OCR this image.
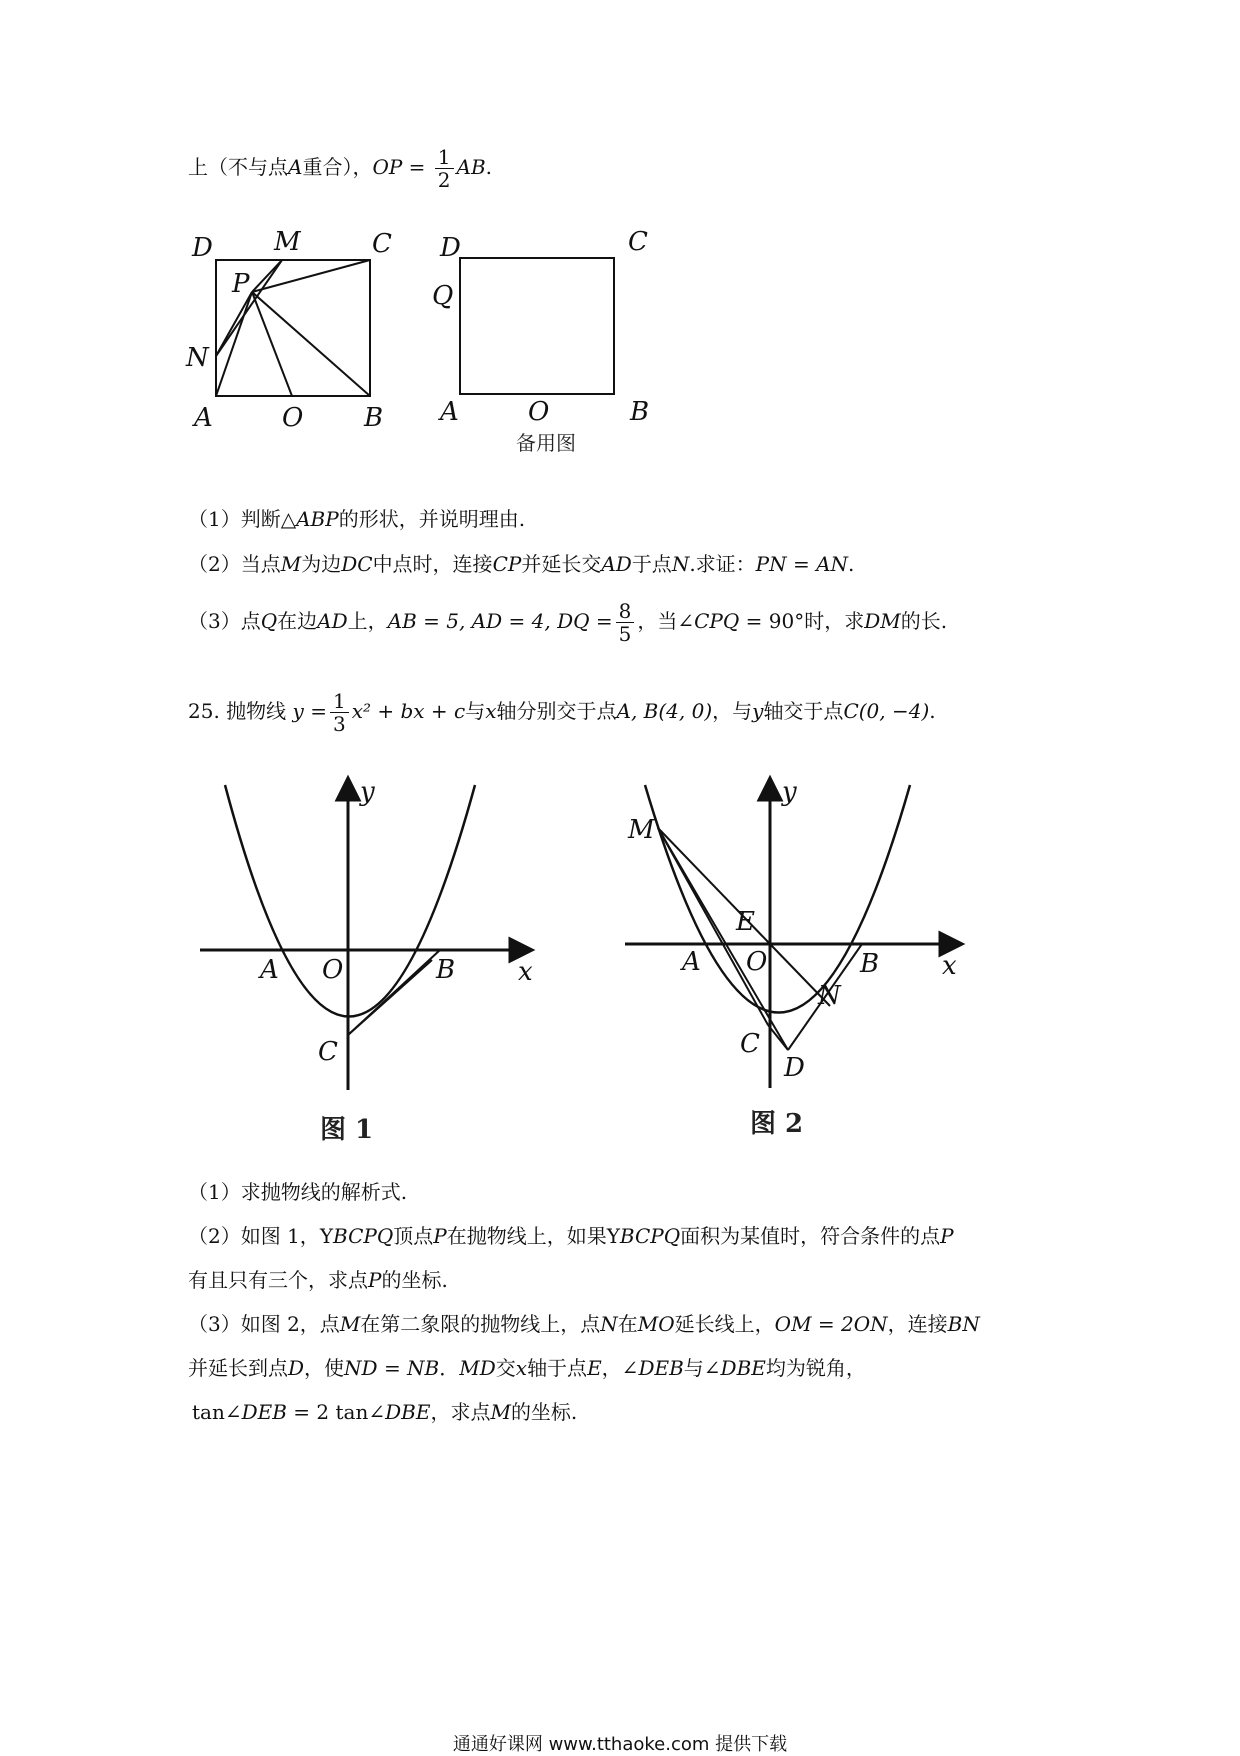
上（不与点A重合），OP = $\frac{1}{2}$ AB.
D M	C
P
N
A	O B
D	C
Q
A	O	B
备用图
（1）判断△ABP的形状，并说明理由.
（2）当点M为边DC中点时，连接CP并延长交AD于点N.求证：PN = AN.
（3）点Q在边AD上，AB = 5, AD = 4, DQ = $\frac{8}{5}$ ，当∠CPQ = 90°时，求DM的长.
25. 抛物线 $y = \frac{1}{3} x^2$ + bx + c与x轴分别交于点A, B(4, 0)，与y轴交于点C(0, −4).
y
x
A O	B
C
图 1
y
x
M
E
A O
N
B
C
D
图 2
（1）求抛物线的解析式.
（2）如图 1，YBCPQ顶点P在抛物线上，如果YBCPQ面积为某值时，符合条件的点P
有且只有三个，求点P的坐标.
（3）如图 2，点M在第二象限的抛物线上，点N在MO延长线上，OM = 2ON，连接BN
并延长到点D，使ND = NB．MD交x轴于点E，∠DEB与∠DBE均为锐角，
tan∠DEB = 2 tan∠DBE，求点M的坐标.
通通好课网 www.tthaoke.com 提供下载
